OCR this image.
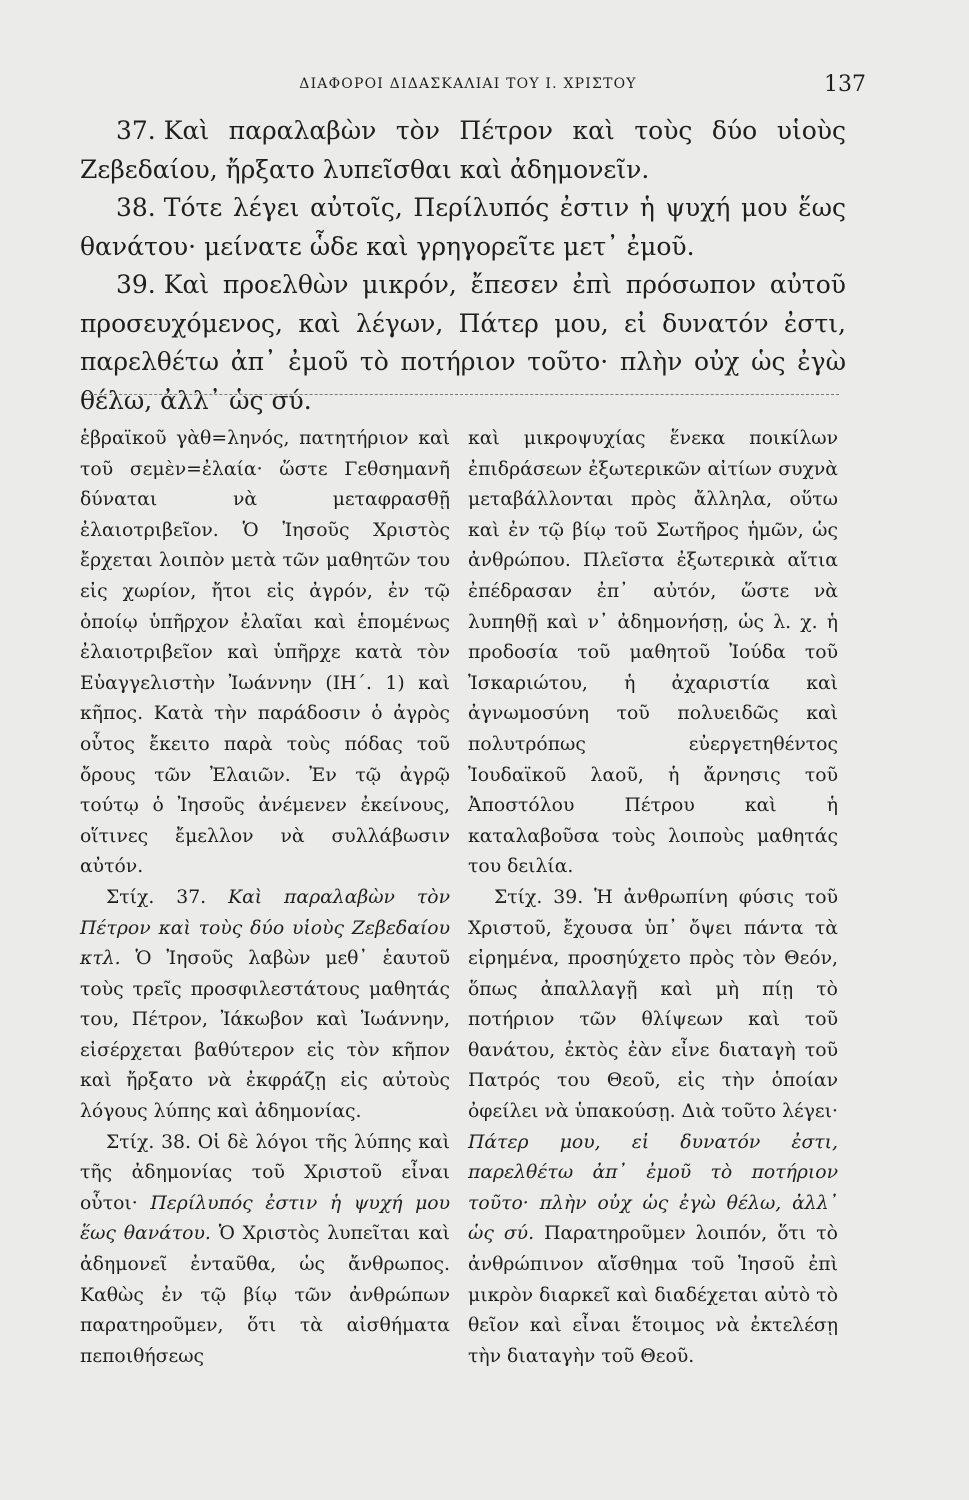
ΔΙΑΦΟΡΟΙ ΔΙΔΑΣΚΑΛΙΑΙ ΤΟΥ Ι. ΧΡΙΣΤΟΥ	137

37. Καὶ παραλαβὼν τὸν Πέτρον καὶ τοὺς δύο υἱοὺς Ζεβεδαίου, ἤρξατο λυπεῖσθαι καὶ ἀδημονεῖν.

38. Τότε λέγει αὐτοῖς, Περίλυπός ἐστιν ἡ ψυχή μου ἕως θανάτου· μείνατε ὧδε καὶ γρηγορεῖτε μετ᾽ ἐμοῦ.

39. Καὶ προελθὼν μικρόν, ἔπεσεν ἐπὶ πρόσωπον αὐτοῦ προσευχόμενος, καὶ λέγων, Πάτερ μου, εἰ δυνατόν ἐστι, παρελθέτω ἀπ᾽ ἐμοῦ τὸ ποτήριον τοῦτο· πλὴν οὐχ ὡς ἐγὼ θέλω, ἀλλ᾽ ὡς σύ.

ἑβραϊκοῦ γὰθ=ληνός, πατητήριον καὶ τοῦ σεμὲν=ἐλαία· ὥστε Γεθσημανῆ δύναται νὰ μεταφρασθῇ ἐλαιοτριβεῖον. Ὁ Ἰησοῦς Χριστὸς ἔρχεται λοιπὸν μετὰ τῶν μαθητῶν του εἰς χωρίον, ἤτοι εἰς ἀγρόν, ἐν τῷ ὁποίῳ ὑπῆρχον ἐλαῖαι καὶ ἑπομένως ἐλαιοτριβεῖον καὶ ὑπῆρχε κατὰ τὸν Εὐαγγελιστὴν Ἰωάννην (ΙΗ΄. 1) καὶ κῆπος. Κατὰ τὴν παράδοσιν ὁ ἀγρὸς οὗτος ἔκειτο παρὰ τοὺς πόδας τοῦ ὄρους τῶν Ἐλαιῶν. Ἐν τῷ ἀγρῷ τούτῳ ὁ Ἰησοῦς ἀνέμενεν ἐκείνους, οἵτινες ἔμελλον νὰ συλλάβωσιν αὐτόν.

Στίχ. 37. Καὶ παραλαβὼν τὸν Πέτρον καὶ τοὺς δύο υἱοὺς Ζεβεδαίου κτλ. Ὁ Ἰησοῦς λαβὼν μεθ᾽ ἑαυτοῦ τοὺς τρεῖς προσφιλεστάτους μαθητάς του, Πέτρον, Ἰάκωβον καὶ Ἰωάννην, εἰσέρχεται βαθύτερον εἰς τὸν κῆπον καὶ ἤρξατο νὰ ἐκφράζῃ εἰς αὐτοὺς λόγους λύπης καὶ ἀδημονίας.

Στίχ. 38. Οἱ δὲ λόγοι τῆς λύπης καὶ τῆς ἀδημονίας τοῦ Χριστοῦ εἶναι οὗτοι· Περίλυπός ἐστιν ἡ ψυχή μου ἕως θανάτου. Ὁ Χριστὸς λυπεῖται καὶ ἀδημονεῖ ἐνταῦθα, ὡς ἄνθρωπος. Καθὼς ἐν τῷ βίῳ τῶν ἀνθρώπων παρατηροῦμεν, ὅτι τὰ αἰσθήματα πεποιθήσεως

καὶ μικροψυχίας ἕνεκα ποικίλων ἐπιδράσεων ἐξωτερικῶν αἰτίων συχνὰ μεταβάλλονται πρὸς ἄλληλα, οὕτω καὶ ἐν τῷ βίῳ τοῦ Σωτῆρος ἡμῶν, ὡς ἀνθρώπου. Πλεῖστα ἐξωτερικὰ αἴτια ἐπέδρασαν ἐπ᾽ αὐτόν, ὥστε νὰ λυπηθῇ καὶ ν᾽ ἀδημονήσῃ, ὡς λ. χ. ἡ προδοσία τοῦ μαθητοῦ Ἰούδα τοῦ Ἰσκαριώτου, ἡ ἀχαριστία καὶ ἀγνωμοσύνη τοῦ πολυειδῶς καὶ πολυτρόπως εὐεργετηθέντος Ἰουδαϊκοῦ λαοῦ, ἡ ἄρνησις τοῦ Ἀποστόλου Πέτρου καὶ ἡ καταλαβοῦσα τοὺς λοιποὺς μαθητάς του δειλία.

Στίχ. 39. Ἡ ἀνθρωπίνη φύσις τοῦ Χριστοῦ, ἔχουσα ὑπ᾽ ὄψει πάντα τὰ εἰρημένα, προσηύχετο πρὸς τὸν Θεόν, ὅπως ἀπαλλαγῇ καὶ μὴ πίῃ τὸ ποτήριον τῶν θλίψεων καὶ τοῦ θανάτου, ἐκτὸς ἐὰν εἶνε διαταγὴ τοῦ Πατρός του Θεοῦ, εἰς τὴν ὁποίαν ὀφείλει νὰ ὑπακούσῃ. Διὰ τοῦτο λέγει· Πάτερ μου, εἰ δυνατόν ἐστι, παρελθέτω ἀπ᾽ ἐμοῦ τὸ ποτήριον τοῦτο· πλὴν οὐχ ὡς ἐγὼ θέλω, ἀλλ᾽ ὡς σύ. Παρατηροῦμεν λοιπόν, ὅτι τὸ ἀνθρώπινον αἴσθημα τοῦ Ἰησοῦ ἐπὶ μικρὸν διαρκεῖ καὶ διαδέχεται αὐτὸ τὸ θεῖον καὶ εἶναι ἕτοιμος νὰ ἐκτελέσῃ τὴν διαταγὴν τοῦ Θεοῦ.
